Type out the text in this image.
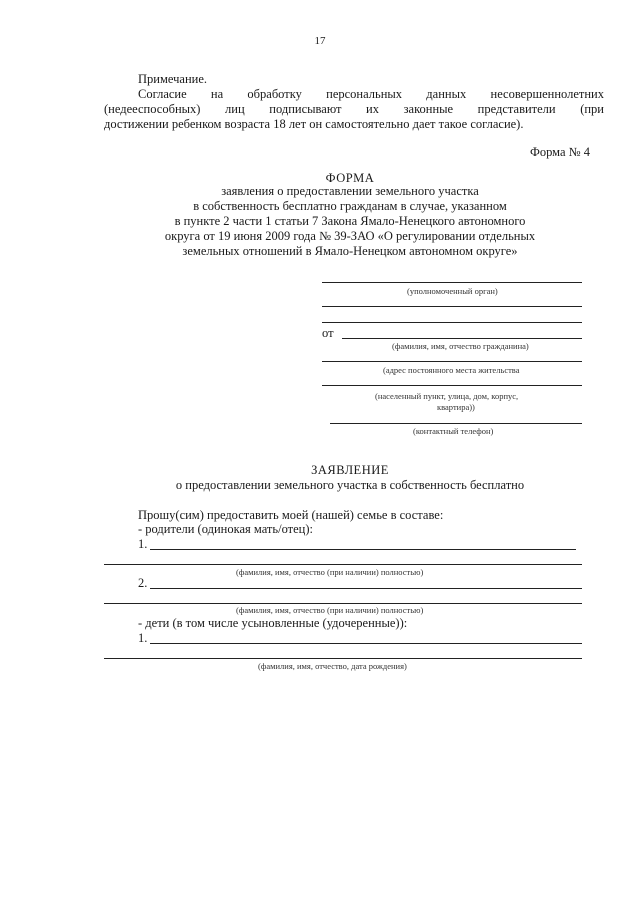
17
Примечание.
Согласие на обработку персональных данных несовершеннолетних
(недееспособных) лиц подписывают их законные представители (при
достижении ребенком возраста 18 лет он самостоятельно дает такое согласие).
Форма № 4
ФОРМА
заявления о предоставлении земельного участка
в собственность бесплатно гражданам в случае, указанном
в пункте 2 части 1 статьи 7 Закона Ямало-Ненецкого автономного
округа от 19 июня 2009 года № 39-ЗАО «О регулировании отдельных
земельных отношений в Ямало-Ненецком автономном округе»
(уполномоченный орган)
от
(фамилия, имя, отчество гражданина)
(адрес постоянного места жительства
(населенный пункт, улица, дом, корпус,
квартира))
(контактный телефон)
ЗАЯВЛЕНИЕ
о предоставлении земельного участка в собственность бесплатно
Прошу(сим) предоставить моей (нашей) семье в составе:
- родители (одинокая мать/отец):
1.
(фамилия, имя, отчество (при наличии) полностью)
2.
(фамилия, имя, отчество (при наличии) полностью)
- дети (в том числе усыновленные (удочеренные)):
1.
(фамилия, имя, отчество, дата рождения)
